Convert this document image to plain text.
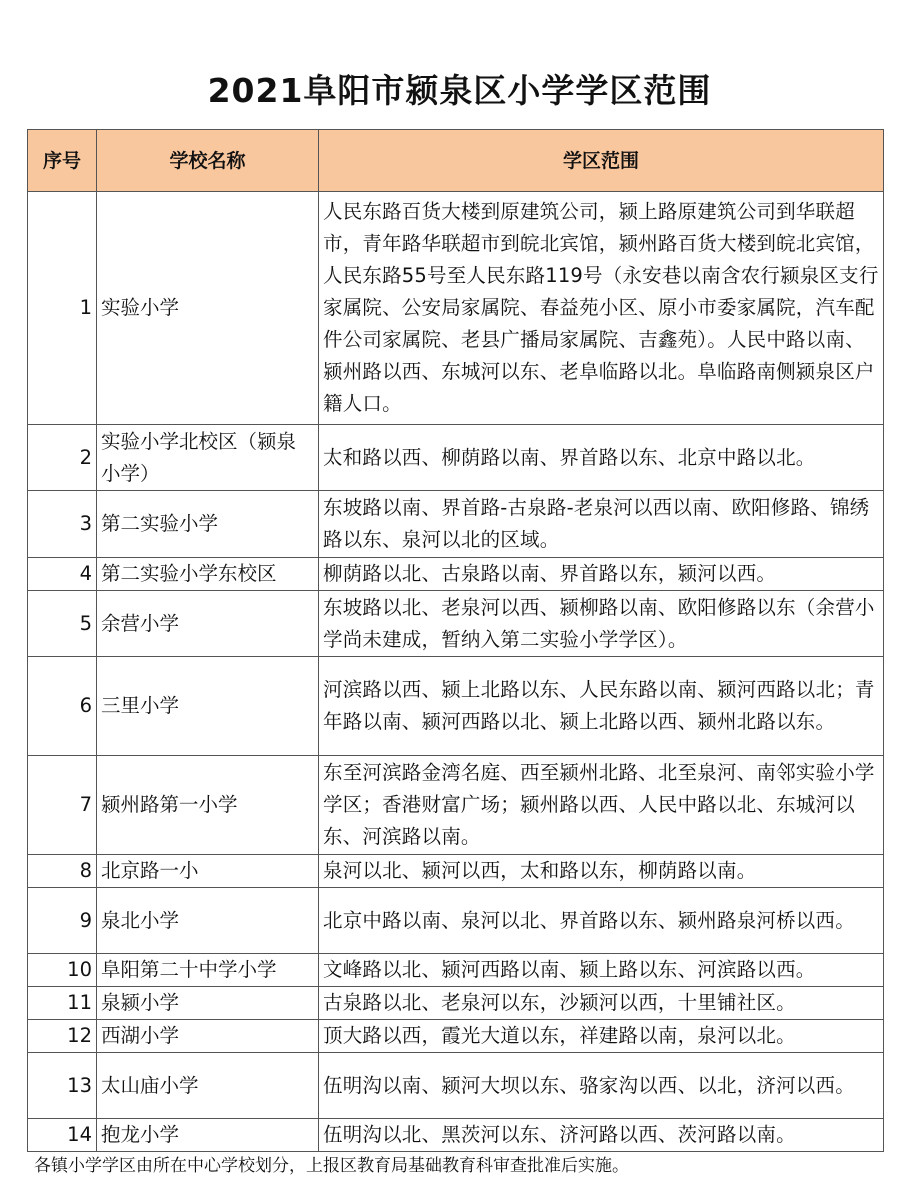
2021阜阳市颍泉区小学学区范围
序号	学校名称	学区范围
1	实验小学	人民东路百货大楼到原建筑公司，颍上路原建筑公司到华联超市，青年路华联超市到皖北宾馆，颍州路百货大楼到皖北宾馆，人民东路55号至人民东路119号（永安巷以南含农行颍泉区支行家属院、公安局家属院、春益苑小区、原小市委家属院，汽车配件公司家属院、老县广播局家属院、吉鑫苑）。人民中路以南、颍州路以西、东城河以东、老阜临路以北。阜临路南侧颍泉区户籍人口。
2	实验小学北校区（颍泉小学）	太和路以西、柳荫路以南、界首路以东、北京中路以北。
3	第二实验小学	东坡路以南、界首路-古泉路-老泉河以西以南、欧阳修路、锦绣路以东、泉河以北的区域。
4	第二实验小学东校区	柳荫路以北、古泉路以南、界首路以东，颍河以西。
5	余营小学	东坡路以北、老泉河以西、颍柳路以南、欧阳修路以东（余营小学尚未建成，暂纳入第二实验小学学区）。
6	三里小学	河滨路以西、颍上北路以东、人民东路以南、颍河西路以北；青年路以南、颍河西路以北、颍上北路以西、颍州北路以东。
7	颍州路第一小学	东至河滨路金湾名庭、西至颍州北路、北至泉河、南邻实验小学学区；香港财富广场；颍州路以西、人民中路以北、东城河以东、河滨路以南。
8	北京路一小	泉河以北、颍河以西，太和路以东，柳荫路以南。
9	泉北小学	北京中路以南、泉河以北、界首路以东、颍州路泉河桥以西。
10	阜阳第二十中学小学	文峰路以北、颍河西路以南、颍上路以东、河滨路以西。
11	泉颍小学	古泉路以北、老泉河以东，沙颍河以西，十里铺社区。
12	西湖小学	顶大路以西，霞光大道以东，祥建路以南，泉河以北。
13	太山庙小学	伍明沟以南、颍河大坝以东、骆家沟以西、以北，济河以西。
14	抱龙小学	伍明沟以北、黑茨河以东、济河路以西、茨河路以南。
各镇小学学区由所在中心学校划分，上报区教育局基础教育科审查批准后实施。
